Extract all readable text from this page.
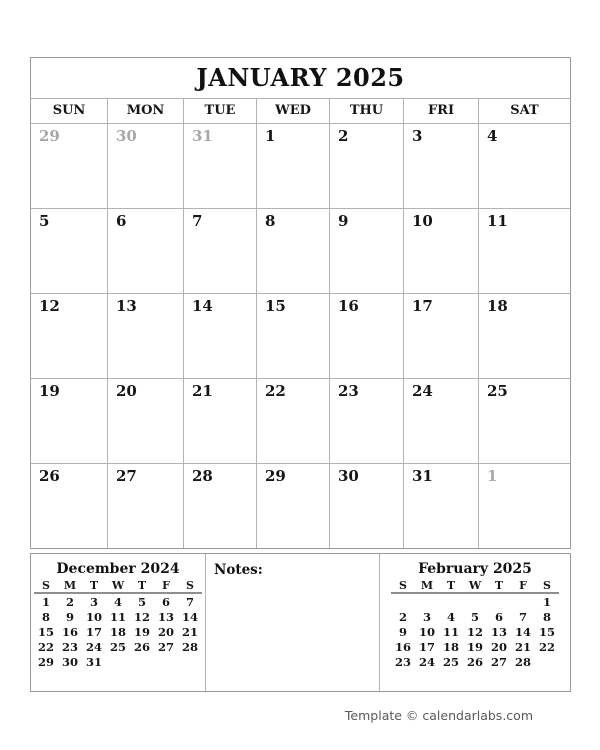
JANUARY 2025
SUN	MON	TUE	WED	THU	FRI	SAT
29	30	31	1	2	3	4
5	6	7	8	9	10	11
12	13	14	15	16	17	18
19	20	21	22	23	24	25
26	27	28	29	30	31	1
December 2024
S	M	T	W	T	F	S
1	2	3	4	5	6	7
8	9	10	11	12	13	14
15	16	17	18	19	20	21
22	23	24	25	26	27	28
29	30	31				
Notes:	February 2025
S	M	T	W	T	F	S
						1
2	3	4	5	6	7	8
9	10	11	12	13	14	15
16	17	18	19	20	21	22
23	24	25	26	27	28	
Template © calendarlabs.com
